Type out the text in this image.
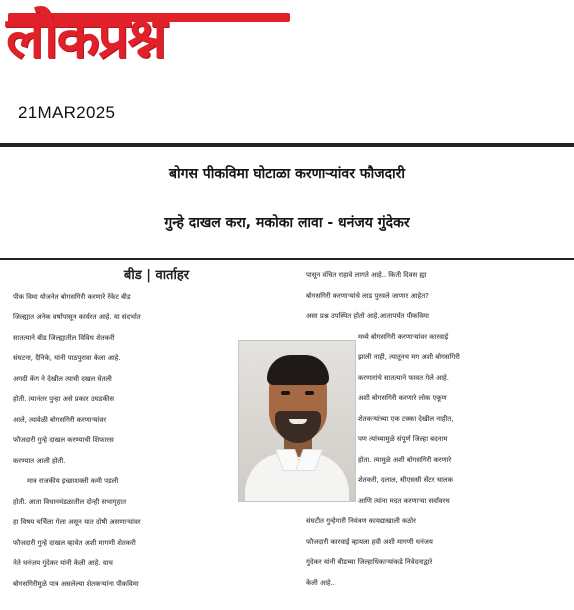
लोकप्रश्न
21MAR2025
बोगस पीकविमा घोटाळा करणाऱ्यांवर फौजदारी
गुन्हे दाखल करा, मकोका लावा - धनंजय गुंदेकर
बीड | वार्ताहर
पीक विमा योजनेत बोगसगिरी करणारे रॅकेट बीड
जिल्ह्यात अनेक वर्षांपासून कार्यरत आहे. या संदर्भात
सातत्याने बीड जिल्ह्यातील विविध शेतकरी
संघटना, दैनिके, यांनी पाठपुरावा केला आहे.
अगदी कॅग ने देखील त्याची दखल घेतली
होती. त्यानंतर पुन्हा असे प्रकार उघडकीस
आले, त्यावेळी बोगसगिरी करणाऱ्यांवर
फौजदारी गुन्हे दाखल करण्याची शिफारस
करण्यात आली होती.
मात्र राजकीय इच्छाशक्ती कमी पडली
होती. आता विधानमंडळातील दोन्ही सभागृहात
हा विषय चर्चिला गेला असून यात दोषी असणाऱ्यांवर
फौजदारी गुन्हे दाखल व्हावेत अशी मागणी शेतकरी
नेते धनंजय गुंदेकर यांनी केली आहे. याच
बोगसगिरीमुळे पात्र असलेल्या शेतकऱ्यांना पीकविमा
पासून वंचित राहावे लागते आहे.. किती दिवस ह्या
बोगसगिरी करणाऱ्यांचे लाड पुरवले जाणार आहेत?
असा प्रश्न उपस्थित होतो आहे.आतापर्यंत पीकविमा
मध्ये बोगसगिरी करणाऱ्यांवर कारवाई
झाली नाही, त्यातूनच मग अशी बोगसगिरी
करणारांचे सातत्याने फावत गेले आहे.
अशी बोगसगिरी करणारे लोक एकूण
शेतकऱ्यांच्या एक टक्का देखील नाहीत,
पण त्यांच्यामुळे संपूर्ण जिल्हा बदनाम
होता. त्यामुळे अशी बोगसगिरी करणारे
शेतकरी, दलाल, सीएससी सेंटर चालक
आणि त्यांना मदत करणाऱ्या सर्वांवरच
संघटीत गुन्हेगारी नियंत्रण कायद्याखाली कठोर
फौजदारी कारवाई व्हायला हवी अशी मागणी धनंजय
गुंदेकर यांनी बीडच्या जिल्हाधिकाऱ्यांकडे निवेदनाद्वारे
केली आहे..
